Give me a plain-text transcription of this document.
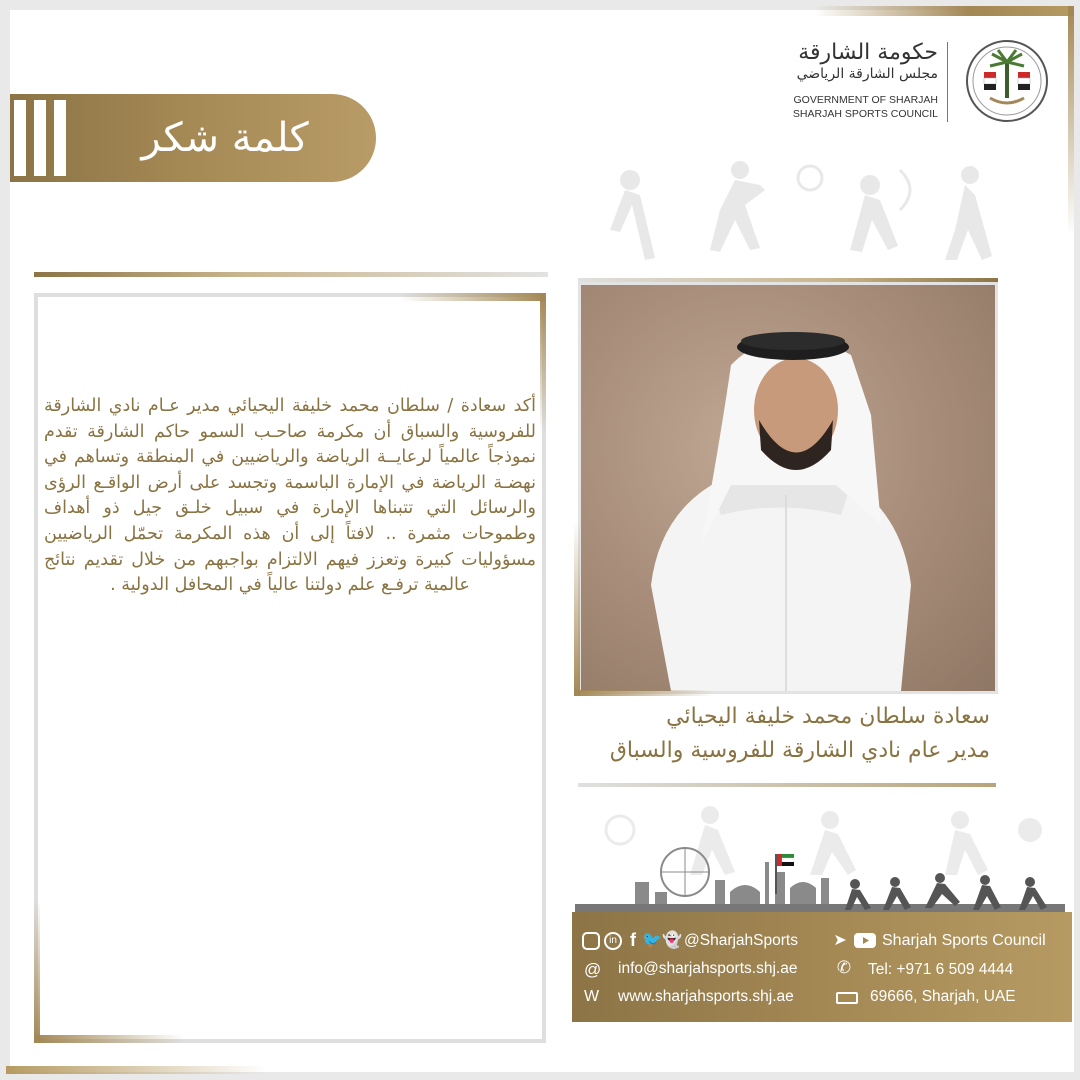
كلمة شكر
حكومة الشارقة
مجلس الشارقة الرياضي
GOVERNMENT OF SHARJAH
SHARJAH SPORTS COUNCIL
أكد سعادة / سلطان محمد خليفة اليحيائي مدير عـام نادي الشارقة للفروسية والسباق أن مكرمة صاحـب السمو حاكم الشارقة تقدم نموذجاً عالمياً لرعايــة الرياضة والرياضيين في المنطقة وتساهم في نهضـة الرياضة في الإمارة الباسمة وتجسد على أرض الواقـع الرؤى والرسائل التي تتبناها الإمارة في سبيل خلـق جيل ذو أهداف وطموحات مثمرة .. لافتاً إلى أن هذه المكرمة تحمّل الرياضيين مسؤوليات كبيرة وتعزز فيهم الالتزام بواجبهم من خلال تقديم نتائج عالمية ترفـع علم دولتنا عالياً في المحافل الدولية .
سعادة سلطان محمد خليفة اليحيائي
مدير عام نادي الشارقة للفروسية والسباق
in f 🐦 👻 @SharjahSports ➤ Sharjah Sports Council
@ info@sharjahsports.shj.ae ✆ Tel: +971 6 509 4444
W www.sharjahsports.shj.ae	69666, Sharjah, UAE
